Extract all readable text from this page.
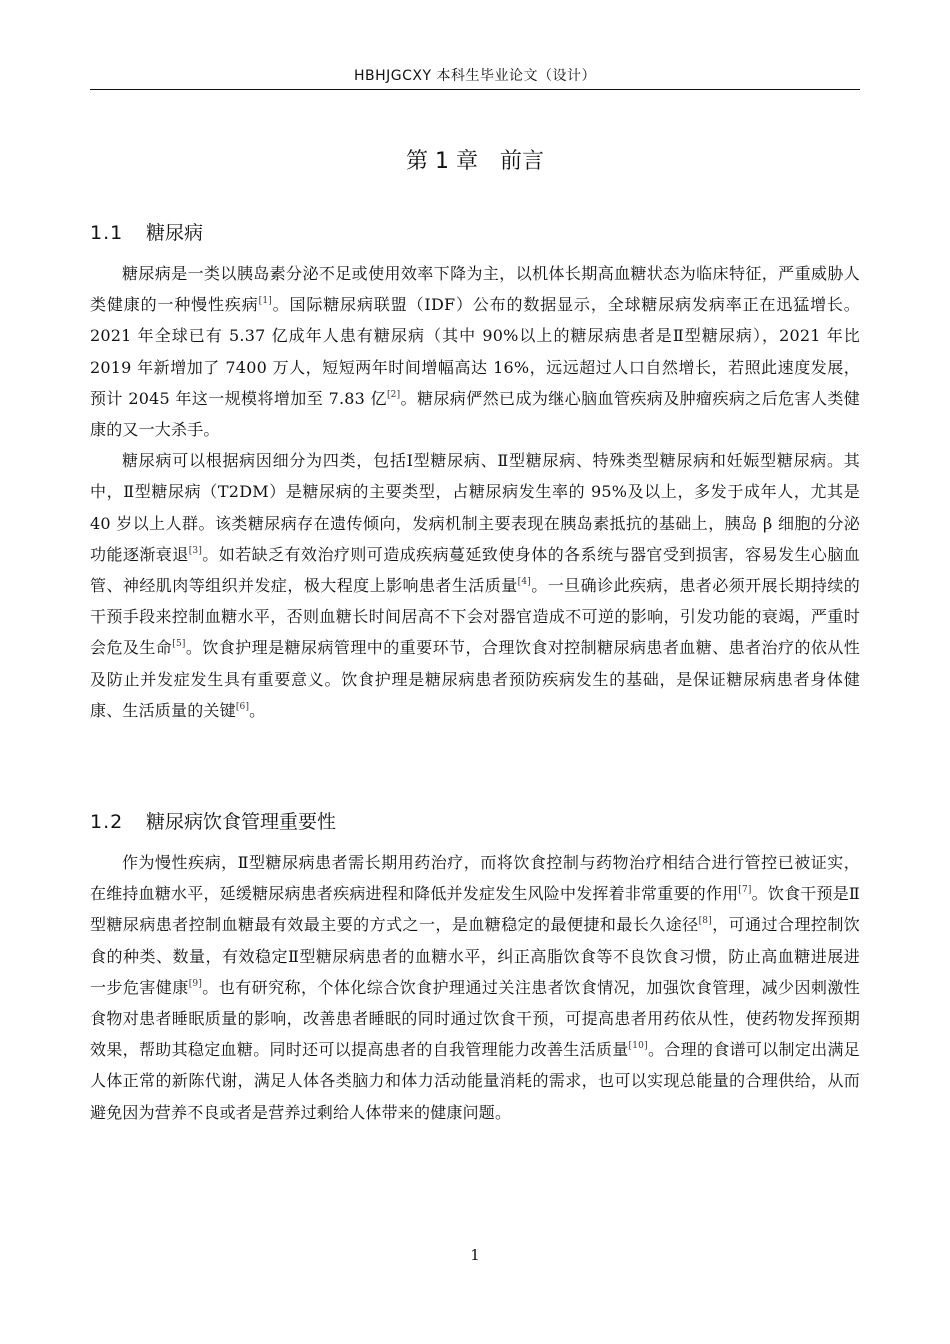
HBHJGCXY 本科生毕业论文（设计）
第 1 章 前言
1.1 糖尿病

糖尿病是一类以胰岛素分泌不足或使用效率下降为主，以机体长期高血糖状态为临床特征，严重威胁人类健康的一种慢性疾病[1]。国际糖尿病联盟（IDF）公布的数据显示，全球糖尿病发病率正在迅猛增长。2021 年全球已有 5.37 亿成年人患有糖尿病（其中 90%以上的糖尿病患者是Ⅱ型糖尿病），2021 年比 2019 年新增加了 7400 万人，短短两年时间增幅高达 16%，远远超过人口自然增长，若照此速度发展，预计 2045 年这一规模将增加至 7.83 亿[2]。糖尿病俨然已成为继心脑血管疾病及肿瘤疾病之后危害人类健康的又一大杀手。

糖尿病可以根据病因细分为四类，包括Ⅰ型糖尿病、Ⅱ型糖尿病、特殊类型糖尿病和妊娠型糖尿病。其中，Ⅱ型糖尿病（T2DM）是糖尿病的主要类型，占糖尿病发生率的 95%及以上，多发于成年人，尤其是 40 岁以上人群。该类糖尿病存在遗传倾向，发病机制主要表现在胰岛素抵抗的基础上，胰岛 β 细胞的分泌功能逐渐衰退[3]。如若缺乏有效治疗则可造成疾病蔓延致使身体的各系统与器官受到损害，容易发生心脑血管、神经肌肉等组织并发症，极大程度上影响患者生活质量[4]。一旦确诊此疾病，患者必须开展长期持续的干预手段来控制血糖水平，否则血糖长时间居高不下会对器官造成不可逆的影响，引发功能的衰竭，严重时会危及生命[5]。饮食护理是糖尿病管理中的重要环节，合理饮食对控制糖尿病患者血糖、患者治疗的依从性及防止并发症发生具有重要意义。饮食护理是糖尿病患者预防疾病发生的基础，是保证糖尿病患者身体健康、生活质量的关键[6]。

1.2 糖尿病饮食管理重要性

作为慢性疾病，Ⅱ型糖尿病患者需长期用药治疗，而将饮食控制与药物治疗相结合进行管控已被证实，在维持血糖水平，延缓糖尿病患者疾病进程和降低并发症发生风险中发挥着非常重要的作用[7]。饮食干预是Ⅱ型糖尿病患者控制血糖最有效最主要的方式之一，是血糖稳定的最便捷和最长久途径[8]，可通过合理控制饮食的种类、数量，有效稳定Ⅱ型糖尿病患者的血糖水平，纠正高脂饮食等不良饮食习惯，防止高血糖进展进一步危害健康[9]。也有研究称，个体化综合饮食护理通过关注患者饮食情况，加强饮食管理，减少因刺激性食物对患者睡眠质量的影响，改善患者睡眠的同时通过饮食干预，可提高患者用药依从性，使药物发挥预期效果，帮助其稳定血糖。同时还可以提高患者的自我管理能力改善生活质量[10]。合理的食谱可以制定出满足人体正常的新陈代谢，满足人体各类脑力和体力活动能量消耗的需求，也可以实现总能量的合理供给，从而避免因为营养不良或者是营养过剩给人体带来的健康问题。

1
